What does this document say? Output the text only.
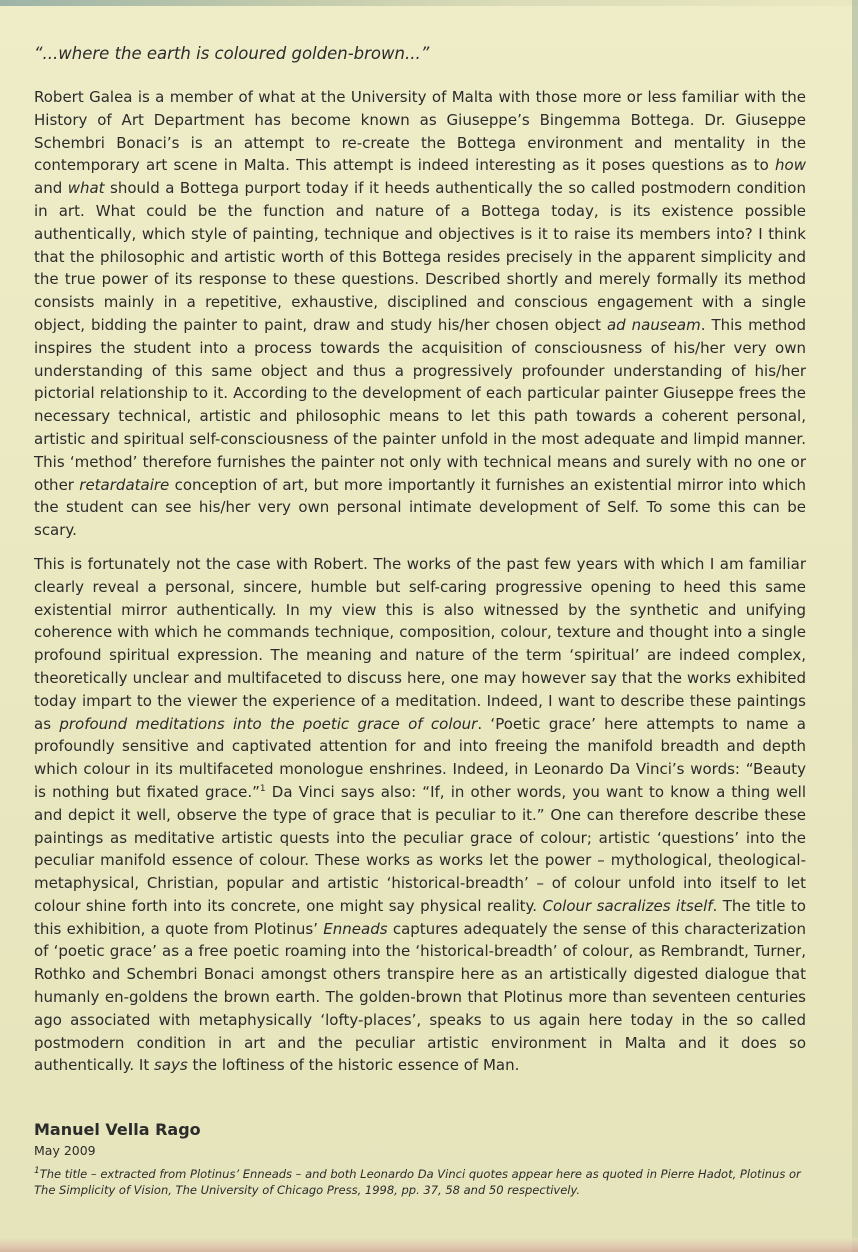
“...where the earth is coloured golden-brown...”

Robert Galea is a member of what at the University of Malta with those more or less familiar with the History of Art Department has become known as Giuseppe’s Bingemma Bottega. Dr. Giuseppe Schembri Bonaci’s is an attempt to re-create the Bottega environment and mentality in the contemporary art scene in Malta. This attempt is indeed interesting as it poses questions as to how and what should a Bottega purport today if it heeds authentically the so called postmodern condition in art. What could be the function and nature of a Bottega today, is its existence possible authentically, which style of painting, technique and objectives is it to raise its members into? I think that the philosophic and artistic worth of this Bottega resides precisely in the apparent simplicity and the true power of its response to these questions. Described shortly and merely formally its method consists mainly in a repetitive, exhaustive, disciplined and conscious engagement with a single object, bidding the painter to paint, draw and study his/her chosen object ad nauseam. This method inspires the student into a process towards the acquisition of consciousness of his/her very own understanding of this same object and thus a progressively profounder understanding of his/her pictorial relationship to it. According to the development of each particular painter Giuseppe frees the necessary technical, artistic and philosophic means to let this path towards a coherent personal, artistic and spiritual self-consciousness of the painter unfold in the most adequate and limpid manner. This ‘method’ therefore furnishes the painter not only with technical means and surely with no one or other retardataire conception of art, but more importantly it furnishes an existential mirror into which the student can see his/her very own personal intimate development of Self. To some this can be scary.

This is fortunately not the case with Robert. The works of the past few years with which I am familiar clearly reveal a personal, sincere, humble but self-caring progressive opening to heed this same existential mirror authentically. In my view this is also witnessed by the synthetic and unifying coherence with which he commands technique, composition, colour, texture and thought into a single profound spiritual expression. The meaning and nature of the term ‘spiritual’ are indeed complex, theoretically unclear and multifaceted to discuss here, one may however say that the works exhibited today impart to the viewer the experience of a meditation. Indeed, I want to describe these paintings as profound meditations into the poetic grace of colour. ‘Poetic grace’ here attempts to name a profoundly sensitive and captivated attention for and into freeing the manifold breadth and depth which colour in its multifaceted monologue enshrines. Indeed, in Leonardo Da Vinci’s words: “Beauty is nothing but fixated grace.”$^1$ Da Vinci says also: “If, in other words, you want to know a thing well and depict it well, observe the type of grace that is peculiar to it.” One can therefore describe these paintings as meditative artistic quests into the peculiar grace of colour; artistic ‘questions’ into the peculiar manifold essence of colour. These works as works let the power – mythological, theological-metaphysical, Christian, popular and artistic ‘historical-breadth’ – of colour unfold into itself to let colour shine forth into its concrete, one might say physical reality. Colour sacralizes itself. The title to this exhibition, a quote from Plotinus’ Enneads captures adequately the sense of this characterization of ‘poetic grace’ as a free poetic roaming into the ‘historical-breadth’ of colour, as Rembrandt, Turner, Rothko and Schembri Bonaci amongst others transpire here as an artistically digested dialogue that humanly en-goldens the brown earth. The golden-brown that Plotinus more than seventeen centuries ago associated with metaphysically ‘lofty-places’, speaks to us again here today in the so called postmodern condition in art and the peculiar artistic environment in Malta and it does so authentically. It says the loftiness of the historic essence of Man.

Manuel Vella Rago

May 2009

$^1$The title – extracted from Plotinus’ Enneads – and both Leonardo Da Vinci quotes appear here as quoted in Pierre Hadot, Plotinus or The Simplicity of Vision, The University of Chicago Press, 1998, pp. 37, 58 and 50 respectively.
